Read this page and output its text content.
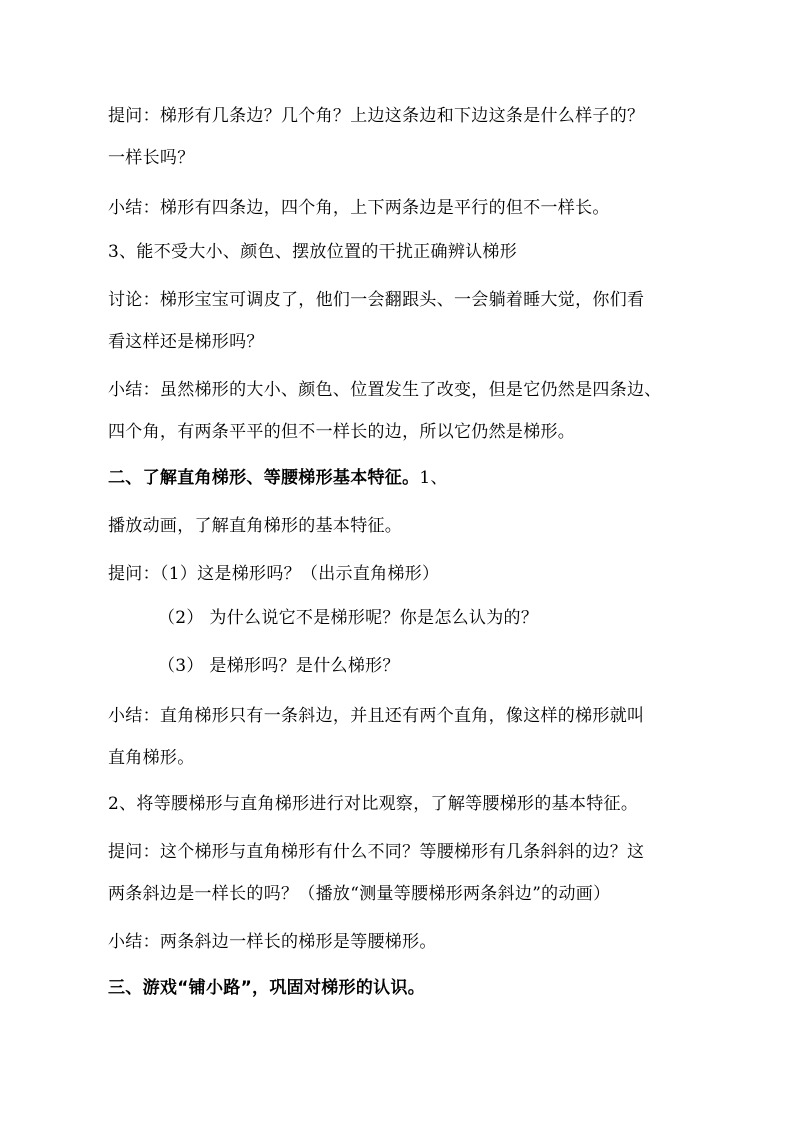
提问：梯形有几条边？几个角？上边这条边和下边这条是什么样子的？
一样长吗？
小结：梯形有四条边，四个角，上下两条边是平行的但不一样长。
3、能不受大小、颜色、摆放位置的干扰正确辨认梯形
讨论：梯形宝宝可调皮了，他们一会翻跟头、一会躺着睡大觉，你们看
看这样还是梯形吗？
小结：虽然梯形的大小、颜色、位置发生了改变，但是它仍然是四条边、
四个角，有两条平平的但不一样长的边，所以它仍然是梯形。
二、了解直角梯形、等腰梯形基本特征。1、
播放动画，了解直角梯形的基本特征。
提问：（1）这是梯形吗？（出示直角梯形）
（2） 为什么说它不是梯形呢？你是怎么认为的？
（3） 是梯形吗？是什么梯形？
小结：直角梯形只有一条斜边，并且还有两个直角，像这样的梯形就叫
直角梯形。
2、将等腰梯形与直角梯形进行对比观察，了解等腰梯形的基本特征。
提问：这个梯形与直角梯形有什么不同？等腰梯形有几条斜斜的边？这
两条斜边是一样长的吗？（播放“测量等腰梯形两条斜边”的动画）
小结：两条斜边一样长的梯形是等腰梯形。
三、游戏“铺小路”，巩固对梯形的认识。
